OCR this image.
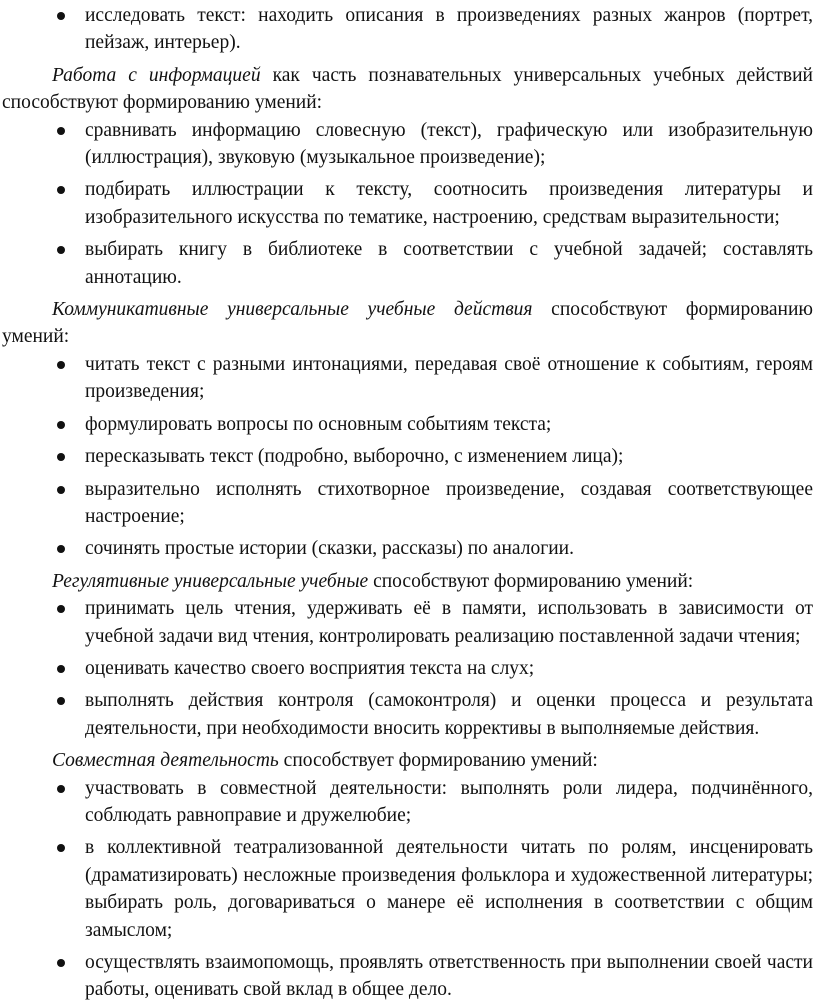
исследовать текст: находить описания в произведениях разных жанров (портрет, пейзаж, интерьер).

Работа с информацией как часть познавательных универсальных учебных действий способствуют формированию умений:

сравнивать информацию словесную (текст), графическую или изобразительную (иллюстрация), звуковую (музыкальное произведение);
подбирать иллюстрации к тексту, соотносить произведения литературы и изобразительного искусства по тематике, настроению, средствам выразительности;
выбирать книгу в библиотеке в соответствии с учебной задачей; составлять аннотацию.

Коммуникативные универсальные учебные действия способствуют формированию умений:

читать текст с разными интонациями, передавая своё отношение к событиям, героям произведения;
формулировать вопросы по основным событиям текста;
пересказывать текст (подробно, выборочно, с изменением лица);
выразительно исполнять стихотворное произведение, создавая соответствующее настроение;
сочинять простые истории (сказки, рассказы) по аналогии.

Регулятивные универсальные учебные способствуют формированию умений:

принимать цель чтения, удерживать её в памяти, использовать в зависимости от учебной задачи вид чтения, контролировать реализацию поставленной задачи чтения;
оценивать качество своего восприятия текста на слух;
выполнять действия контроля (самоконтроля) и оценки процесса и результата деятельности, при необходимости вносить коррективы в выполняемые действия.

Совместная деятельность способствует формированию умений:

участвовать в совместной деятельности: выполнять роли лидера, подчинённого, соблюдать равноправие и дружелюбие;
в коллективной театрализованной деятельности читать по ролям, инсценировать (драматизировать) несложные произведения фольклора и художественной литературы; выбирать роль, договариваться о манере её исполнения в соответствии с общим замыслом;
осуществлять взаимопомощь, проявлять ответственность при выполнении своей части работы, оценивать свой вклад в общее дело.
